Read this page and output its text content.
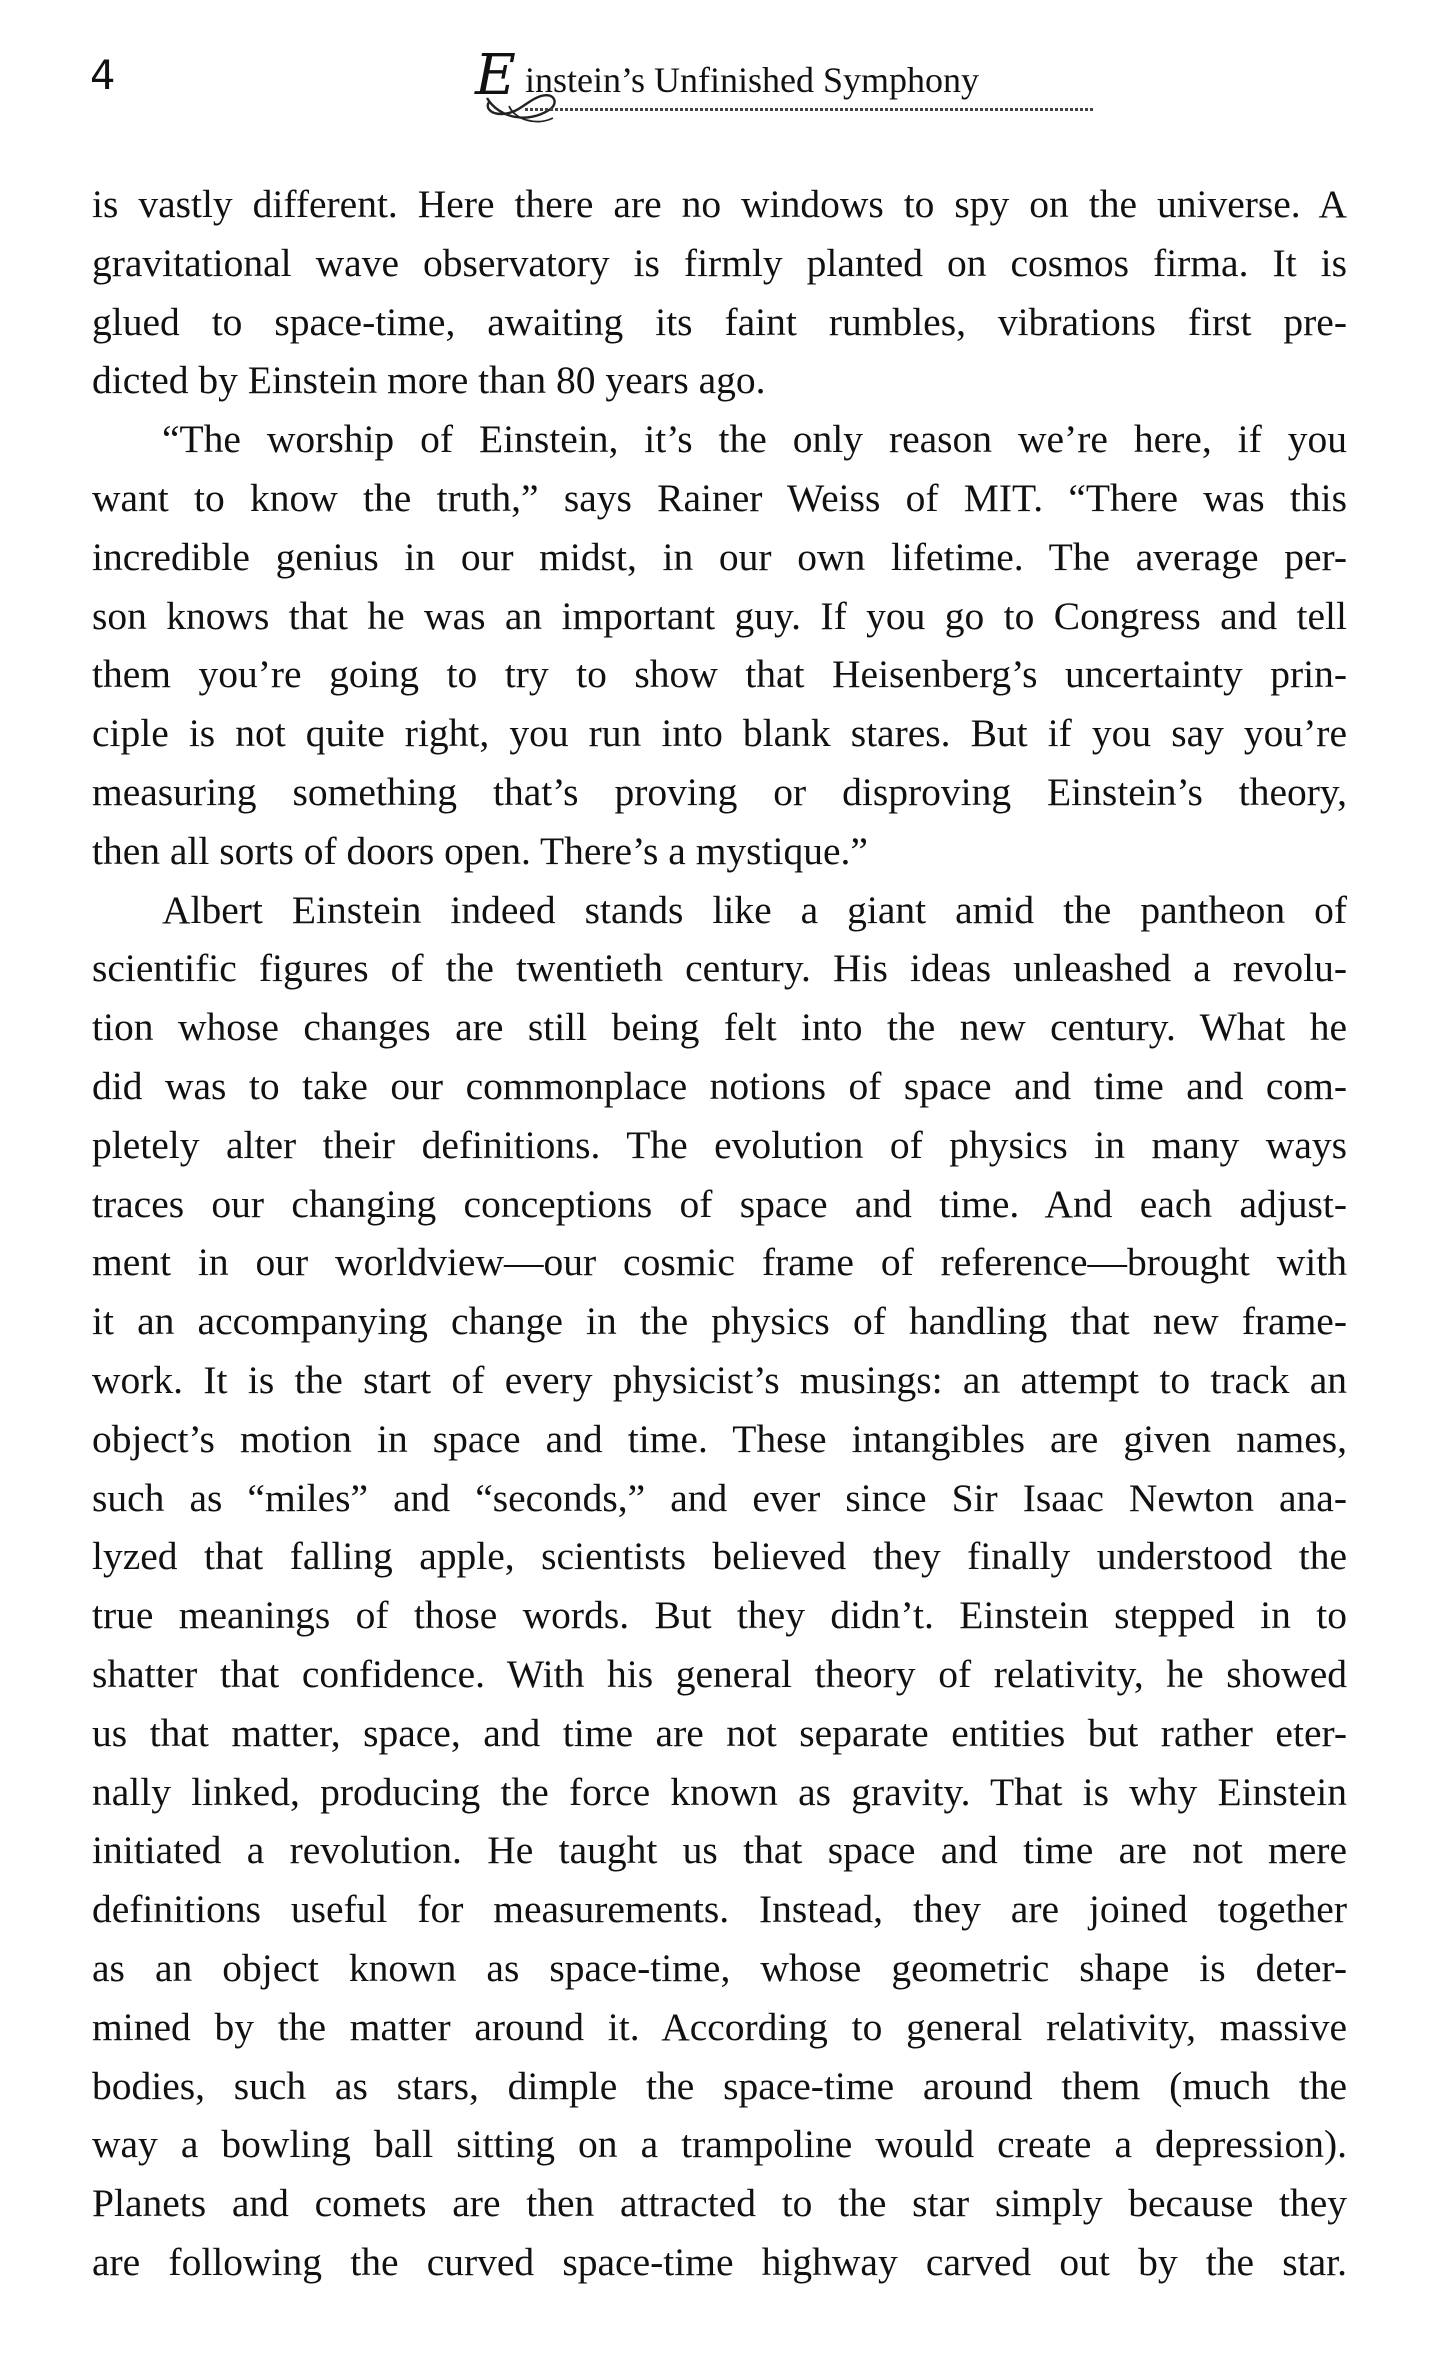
4	E instein’s Unfinished Symphony
is vastly different. Here there are no windows to spy on the universe. A
gravitational wave observatory is firmly planted on cosmos firma. It is
glued to space-time, awaiting its faint rumbles, vibrations first pre-
dicted by Einstein more than 80 years ago.
“The worship of Einstein, it’s the only reason we’re here, if you
want to know the truth,” says Rainer Weiss of MIT. “There was this
incredible genius in our midst, in our own lifetime. The average per-
son knows that he was an important guy. If you go to Congress and tell
them you’re going to try to show that Heisenberg’s uncertainty prin-
ciple is not quite right, you run into blank stares. But if you say you’re
measuring something that’s proving or disproving Einstein’s theory,
then all sorts of doors open. There’s a mystique.”
Albert Einstein indeed stands like a giant amid the pantheon of
scientific figures of the twentieth century. His ideas unleashed a revolu-
tion whose changes are still being felt into the new century. What he
did was to take our commonplace notions of space and time and com-
pletely alter their definitions. The evolution of physics in many ways
traces our changing conceptions of space and time. And each adjust-
ment in our worldview—our cosmic frame of reference—brought with
it an accompanying change in the physics of handling that new frame-
work. It is the start of every physicist’s musings: an attempt to track an
object’s motion in space and time. These intangibles are given names,
such as “miles” and “seconds,” and ever since Sir Isaac Newton ana-
lyzed that falling apple, scientists believed they finally understood the
true meanings of those words. But they didn’t. Einstein stepped in to
shatter that confidence. With his general theory of relativity, he showed
us that matter, space, and time are not separate entities but rather eter-
nally linked, producing the force known as gravity. That is why Einstein
initiated a revolution. He taught us that space and time are not mere
definitions useful for measurements. Instead, they are joined together
as an object known as space-time, whose geometric shape is deter-
mined by the matter around it. According to general relativity, massive
bodies, such as stars, dimple the space-time around them (much the
way a bowling ball sitting on a trampoline would create a depression).
Planets and comets are then attracted to the star simply because they
are following the curved space-time highway carved out by the star.
